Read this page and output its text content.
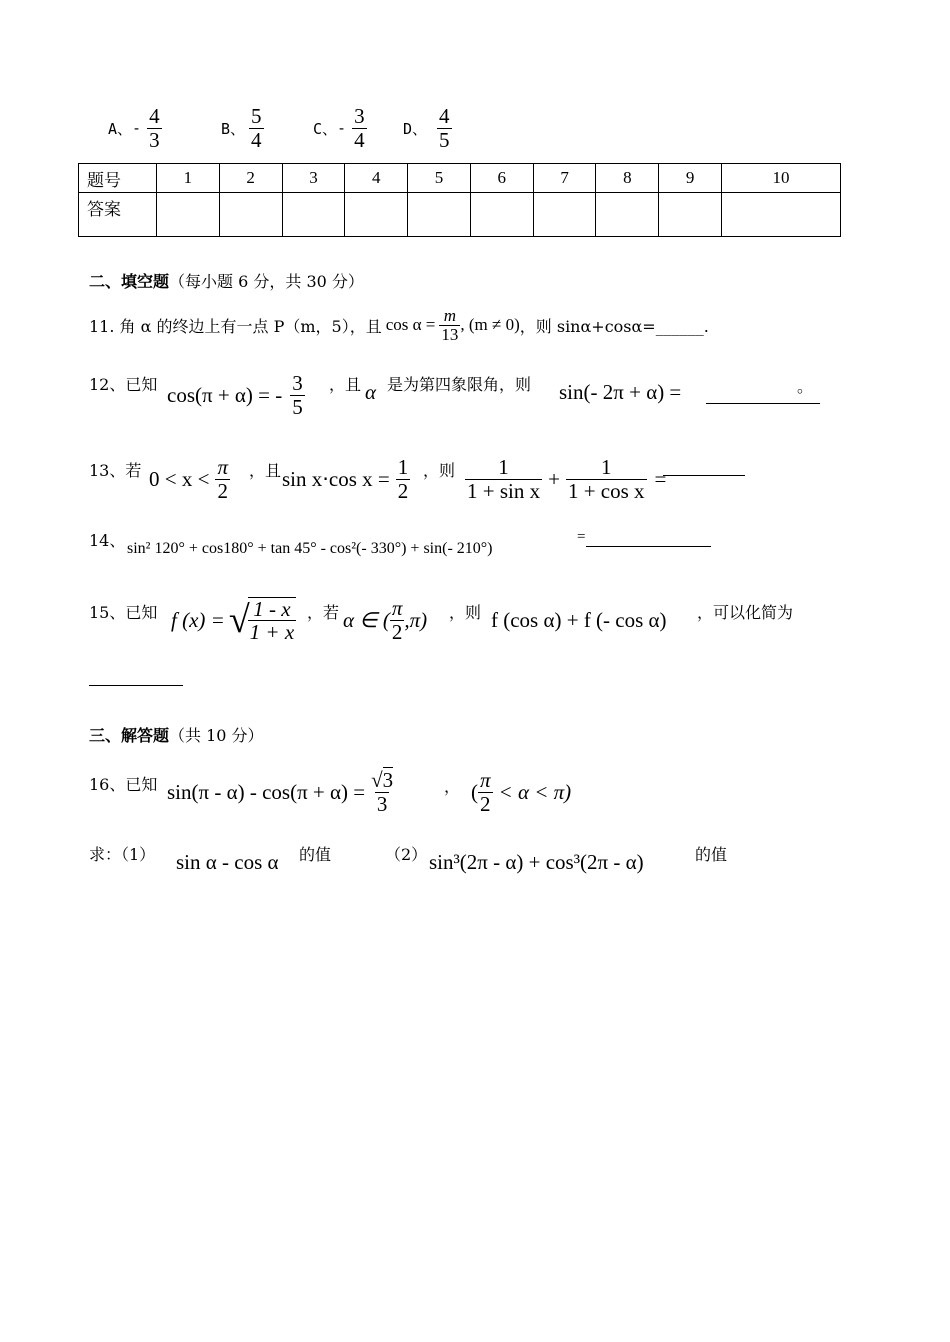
A、 - $\frac{4}{3}$	B、 $\frac{5}{4}$	C、 - $\frac{3}{4}$ D、 $\frac{4}{5}$
题号	1	2	3	4	5	6	7	8	9	10
答案										
二、填空题（每小题 6 分，共 30 分）
11. 角 α 的终边上有一点 P（m，5），且 $\cos \alpha = \frac{m}{13}$ , (m ≠ 0) ，则 sinα+cosα=______.
12、已知 cos(π + α) = - $\frac{3}{5}$ ，且 α 是为第四象限角，则 sin(- 2π + α) =	。
13、若 $0 < x < \frac{\pi}{2}$ ，且 sin x⋅cos $x = \frac{1}{2}$ ，则 $\frac{1}{\text{1 + sin x}} + \frac{1}{\text{1 + cos x}}$ =
14、 sin² 120° + cos180° + tan 45° - cos²(- 330°) + sin(- 210°)
=
15、已知 f (x) = √
$\frac{1 - x}{1 + x}$ ，若 α ∈ ( $\frac{\pi}{2} ,\pi$) ，则 f (cos α) + f (- cos α) ，可以化简为
三、解答题（共 10 分）
16、已知 $\sin(\pi - \alpha) - \cos(\pi + \alpha) = \frac{√3}{3}$	， ( $\frac{\pi}{2} < \alpha < \pi$)
求：（1） sin α - cos α 的值	（2） sin³(2π - α) + cos³(2π - α)	的值
